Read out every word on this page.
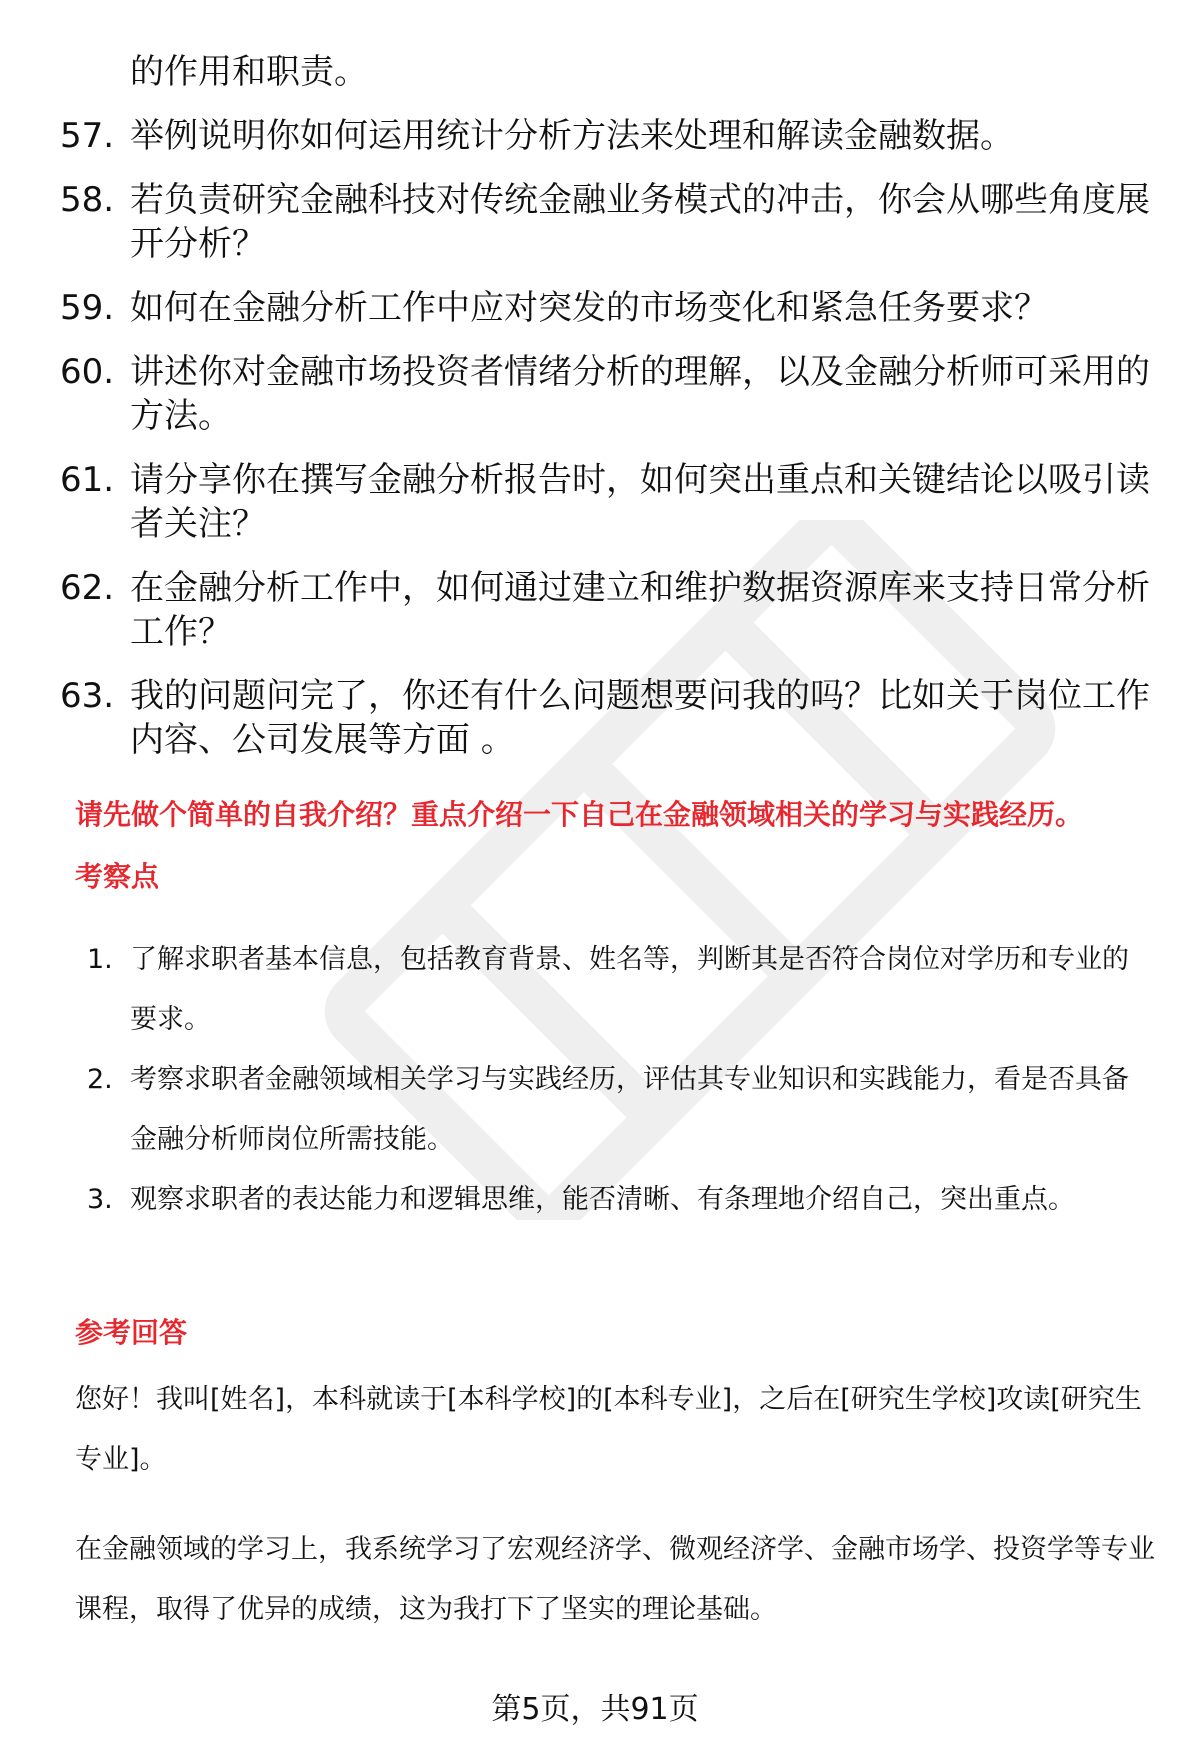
的作用和职责。
57. 举例说明你如何运用统计分析方法来处理和解读金融数据。
58. 若负责研究金融科技对传统金融业务模式的冲击，你会从哪些角度展开分析？
59. 如何在金融分析工作中应对突发的市场变化和紧急任务要求？
60. 讲述你对金融市场投资者情绪分析的理解，以及金融分析师可采用的方法。
61. 请分享你在撰写金融分析报告时，如何突出重点和关键结论以吸引读者关注？
62. 在金融分析工作中，如何通过建立和维护数据资源库来支持日常分析工作？
63. 我的问题问完了，你还有什么问题想要问我的吗？比如关于岗位工作内容、公司发展等方面 。
请先做个简单的自我介绍？重点介绍一下自己在金融领域相关的学习与实践经历。
考察点
1. 了解求职者基本信息，包括教育背景、姓名等，判断其是否符合岗位对学历和专业的要求。
2. 考察求职者金融领域相关学习与实践经历，评估其专业知识和实践能力，看是否具备金融分析师岗位所需技能。
3. 观察求职者的表达能力和逻辑思维，能否清晰、有条理地介绍自己，突出重点。
参考回答
您好！我叫[姓名]，本科就读于[本科学校]的[本科专业]，之后在[研究生学校]攻读[研究生专业]。
在金融领域的学习上，我系统学习了宏观经济学、微观经济学、金融市场学、投资学等专业课程，取得了优异的成绩，这为我打下了坚实的理论基础。
第5页，共91页
